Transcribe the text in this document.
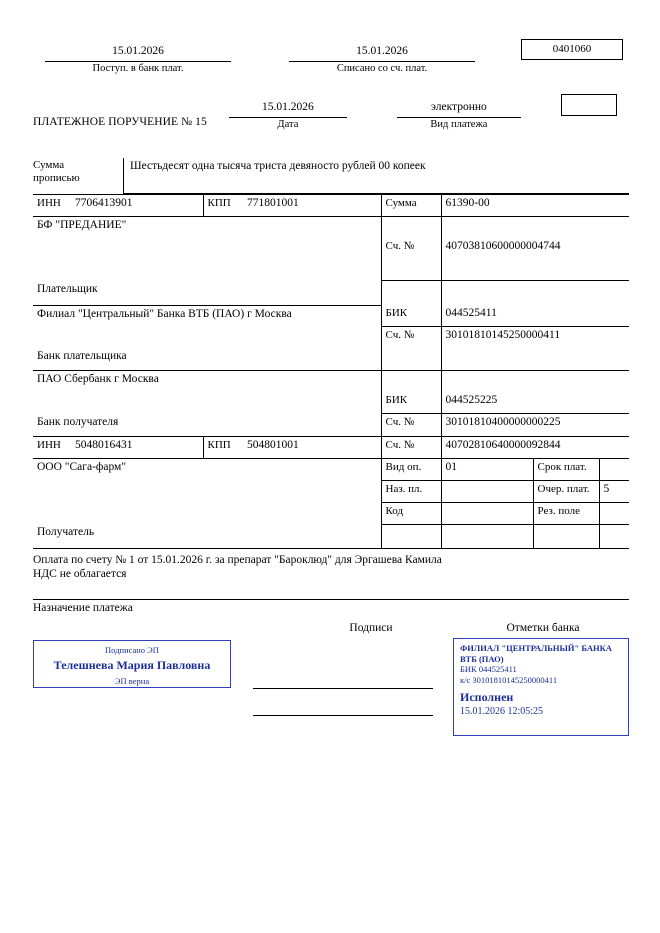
15.01.2026
Поступ. в банк плат.
15.01.2026
Списано со сч. плат.
0401060
ПЛАТЕЖНОЕ ПОРУЧЕНИЕ № 15
15.01.2026
Дата
электронно
Вид платежа
Сумма
прописью
Шестьдесят одна тысяча триста девяносто рублей 00 копеек
ИНН	7706413901	КПП	771801001	Сумма	61390-00		
БФ "ПРЕДАНИЕ"							
				Сч. №	40703810600000004744		

Плательщик							
Филиал "Центральный" Банка ВТБ (ПАО) г Москва				БИК	044525411		
				Сч. №	30101810145250000411		
Банк плательщика							
ПАО Сбербанк г Москва							
				БИК	044525225		
Банк получателя				Сч. №	30101810400000000225		
ИНН	5048016431	КПП	504801001	Сч. №	40702810640000092844		
ООО "Сага-фарм"				Вид оп.	01	Срок плат.	
				Наз. пл.		Очер. плат.	5
				Код		Рез. поле	
Получатель							
Оплата по счету № 1 от 15.01.2026 г. за препарат "Бароклюд" для Эргашева Камила
НДС не облагается
Назначение платежа
Подписи	Отметки банка
Подписано ЭП
Телешнева Мария Павловна
ЭП верна
ФИЛИАЛ "ЦЕНТРАЛЬНЫЙ" БАНКА
ВТБ (ПАО)
БИК 044525411
к/с 30101810145250000411
Исполнен
15.01.2026 12:05:25
